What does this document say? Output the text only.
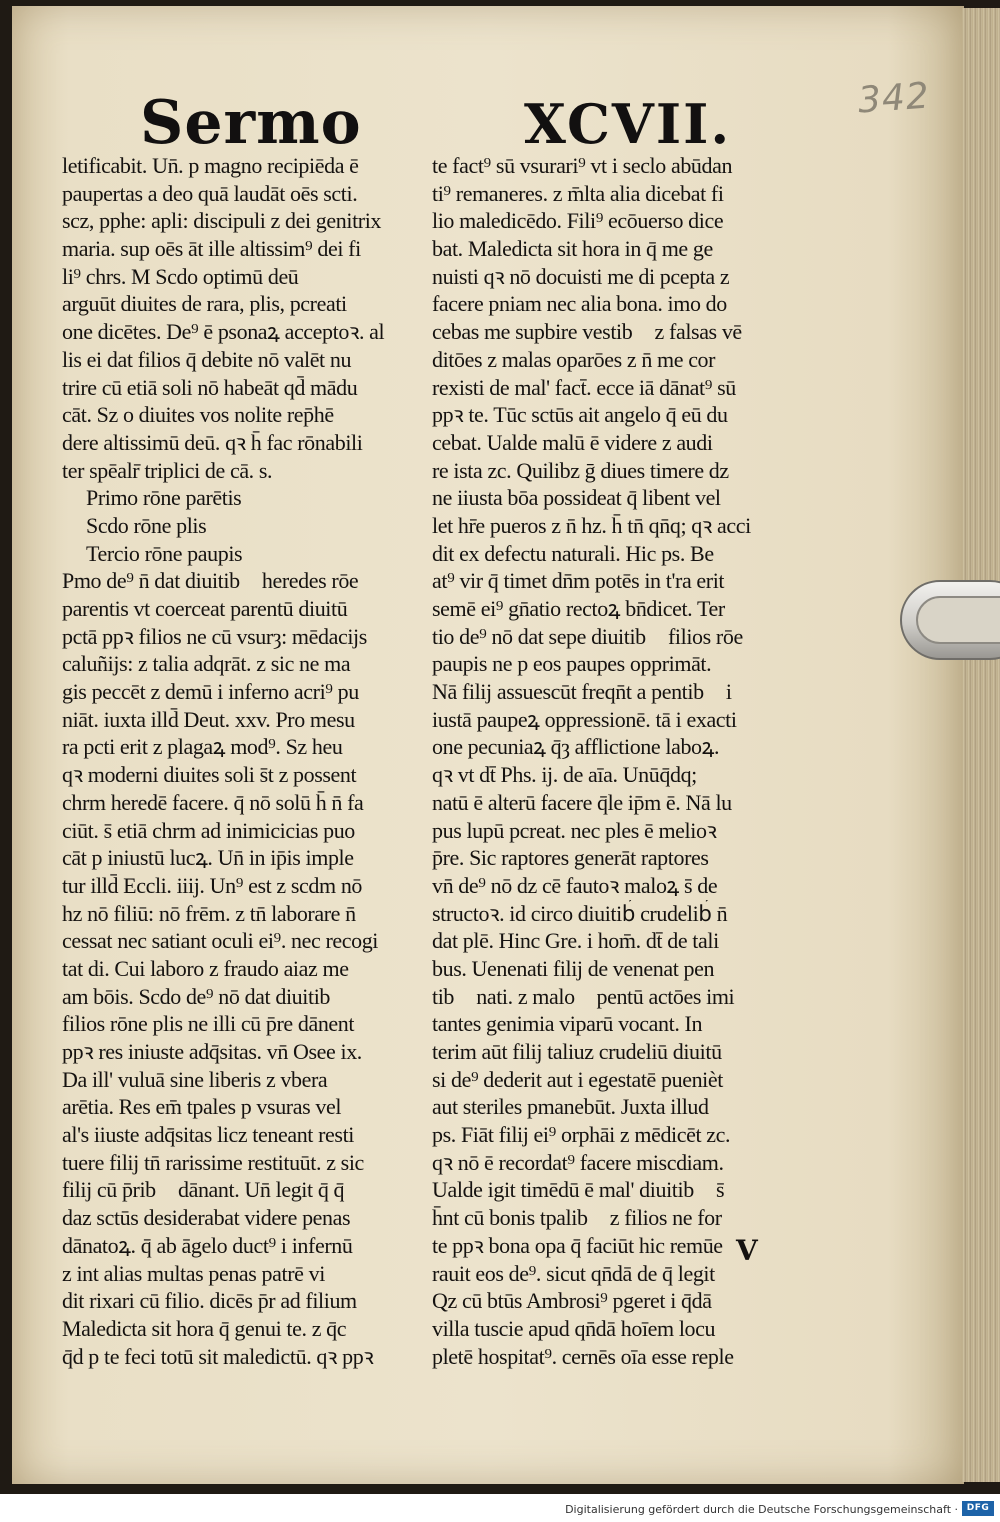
342
Sermo	XCVII.
letificabit. Un̄. p magno recipiēda ē
paupertas a deo quā laudāt oēs scti.
scz, pphe: apli: discipuli z dei genitrix
maria. sup oēs āt ille altissim⁹ dei fi
li⁹ chrs. M Scdo optimū deū
arguūt diuites de rara, plis, pcreati
one dicētes. De⁹ ē psonaꝝ acceptoꝛ. al
lis ei dat filios q̄ debite nō valēt nu
trire cū etiā soli nō habeāt qd̄ mādu
cāt. Sz o diuites vos nolite rep̄hē
dere altissimū deū. qꝛ h̄ fac rōnabili
ter spēalr̄ triplici de cā. s.
Primo rōne parētis
Scdo rōne plis
Tercio rōne paupis
Pmo de⁹ n̄ dat diuitib᷒ heredes rōe
parentis vt coerceat parentū diuitū
pctā ppꝛ filios ne cū vsurȝ: mēdacijs
caluñijs: z talia adqrāt. z sic ne ma
gis peccēt z demū i inferno acri⁹ pu
niāt. iuxta illd̄ Deut. xxv. Pro mesu
ra pcti erit z plagaꝝ mod⁹. Sz heu
qꝛ moderni diuites soli s̄t z possent
chrm heredē facere. q̄ nō solū h̄ n̄ fa
ciūt. s̄ etiā chrm ad inimicicias puo
cāt p iniustū lucꝝ. Un̄ in ip̄is imple
tur illd̄ Eccli. iiij. Un⁹ est z scdm nō
hz nō filiū: nō frēm. z tn̄ laborare n̄
cessat nec satiant oculi ei⁹. nec recogi
tat di. Cui laboro z fraudo aiaz me
am bōis. Scdo de⁹ nō dat diuitib᷒
filios rōne plis ne illi cū p̄re dānent
ppꝛ res iniuste adq̄sitas. vn̄ Osee ix.
Da ill' vuluā sine liberis z vbera
arētia. Res em̄ tpales p vsuras vel
al's iiuste adq̄sitas licz teneant resti
tuere filij tn̄ rarissime restituūt. z sic
filij cū p̄rib᷒ dānant. Un̄ legit q̄ q̄
daz sctūs desiderabat videre penas
dānatoꝝ. q̄ ab āgelo duct⁹ i infernū
z int alias multas penas patrē vi
dit rixari cū filio. dicēs p̄r ad filium
Maledicta sit hora q̄ genui te. z q̄c
q̄d p te feci totū sit maledictū. qꝛ ppꝛ
te fact⁹ sū vsurari⁹ vt i seclo abūdan
ti⁹ remaneres. z m̄lta alia dicebat fi
lio maledicēdo. Fili⁹ ecōuerso dice
bat. Maledicta sit hora in q̄ me ge
nuisti qꝛ nō docuisti me di pcepta z
facere pniam nec alia bona. imo do
cebas me supbire vestib᷒ z falsas vē
ditōes z malas oparōes z n̄ me cor
rexisti de mal' fact̄. ecce iā dānat⁹ sū
ppꝛ te. Tūc sctūs ait angelo q̄ eū du
cebat. Ualde malū ē videre z audi
re ista zc. Quilibz ḡ diues timere dz
ne iiusta bōa possideat q̄ libent vel
let hr̄e pueros z n̄ hz. h̄ tn̄ qn̄q; qꝛ acci
dit ex defectu naturali. Hic ps. Be
at⁹ vir q̄ timet dn̄m potēs in t'ra erit
semē ei⁹ gn̄atio rectoꝝ bn̄dicet. Ter
tio de⁹ nō dat sepe diuitib᷒ filios rōe
paupis ne p eos paupes opprimāt.
Nā filij assuescūt freqn̄t a pentib᷒ i
iustā paupeꝝ oppressionē. tā i exacti
one pecuniaꝝ q̄ȝ afflictione laboꝝ.
qꝛ vt dt̄ Phs. ij. de aīa. Unūq̄dq;
natū ē alterū facere q̄le ip̄m ē. Nā lu
pus lupū pcreat. nec ples ē melioꝛ
p̄re. Sic raptores generāt raptores
vn̄ de⁹ nō dz cē fautoꝛ maloꝝ s̄ de
structoꝛ. id circo diuitib᷒ crudelib᷒ n̄
dat plē. Hinc Gre. i hom̄. dt̄ de tali
bus. Uenenati filij de venenat pen
tib᷒ nati. z maloꝝ pentū actōes imi
tantes genimia viparū vocant. In
terim aūt filij taliuz crudeliū diuitū
si de⁹ dederit aut i egestatē puenièt
aut steriles pmanebūt. Juxta illud
ps. Fiāt filij ei⁹ orphāi z mēdicēt zc.
qꝛ nō ē recordat⁹ facere miscdiam.
Ualde igit timēdū ē mal' diuitib᷒ s̄
h̄nt cū bonis tpalib᷒ z filios ne for
te ppꝛ bona opa q̄ faciūt hic remūe
rauit eos de⁹. sicut qn̄dā de q̄ legit
Qz cū btūs Ambrosi⁹ pgeret i q̄dā
villa tuscie apud qn̄dā hoīem locu
pletē hospitat⁹. cernēs oīa esse reple
V
Digitalisierung gefördert durch die Deutsche Forschungsgemeinschaft · DFG
